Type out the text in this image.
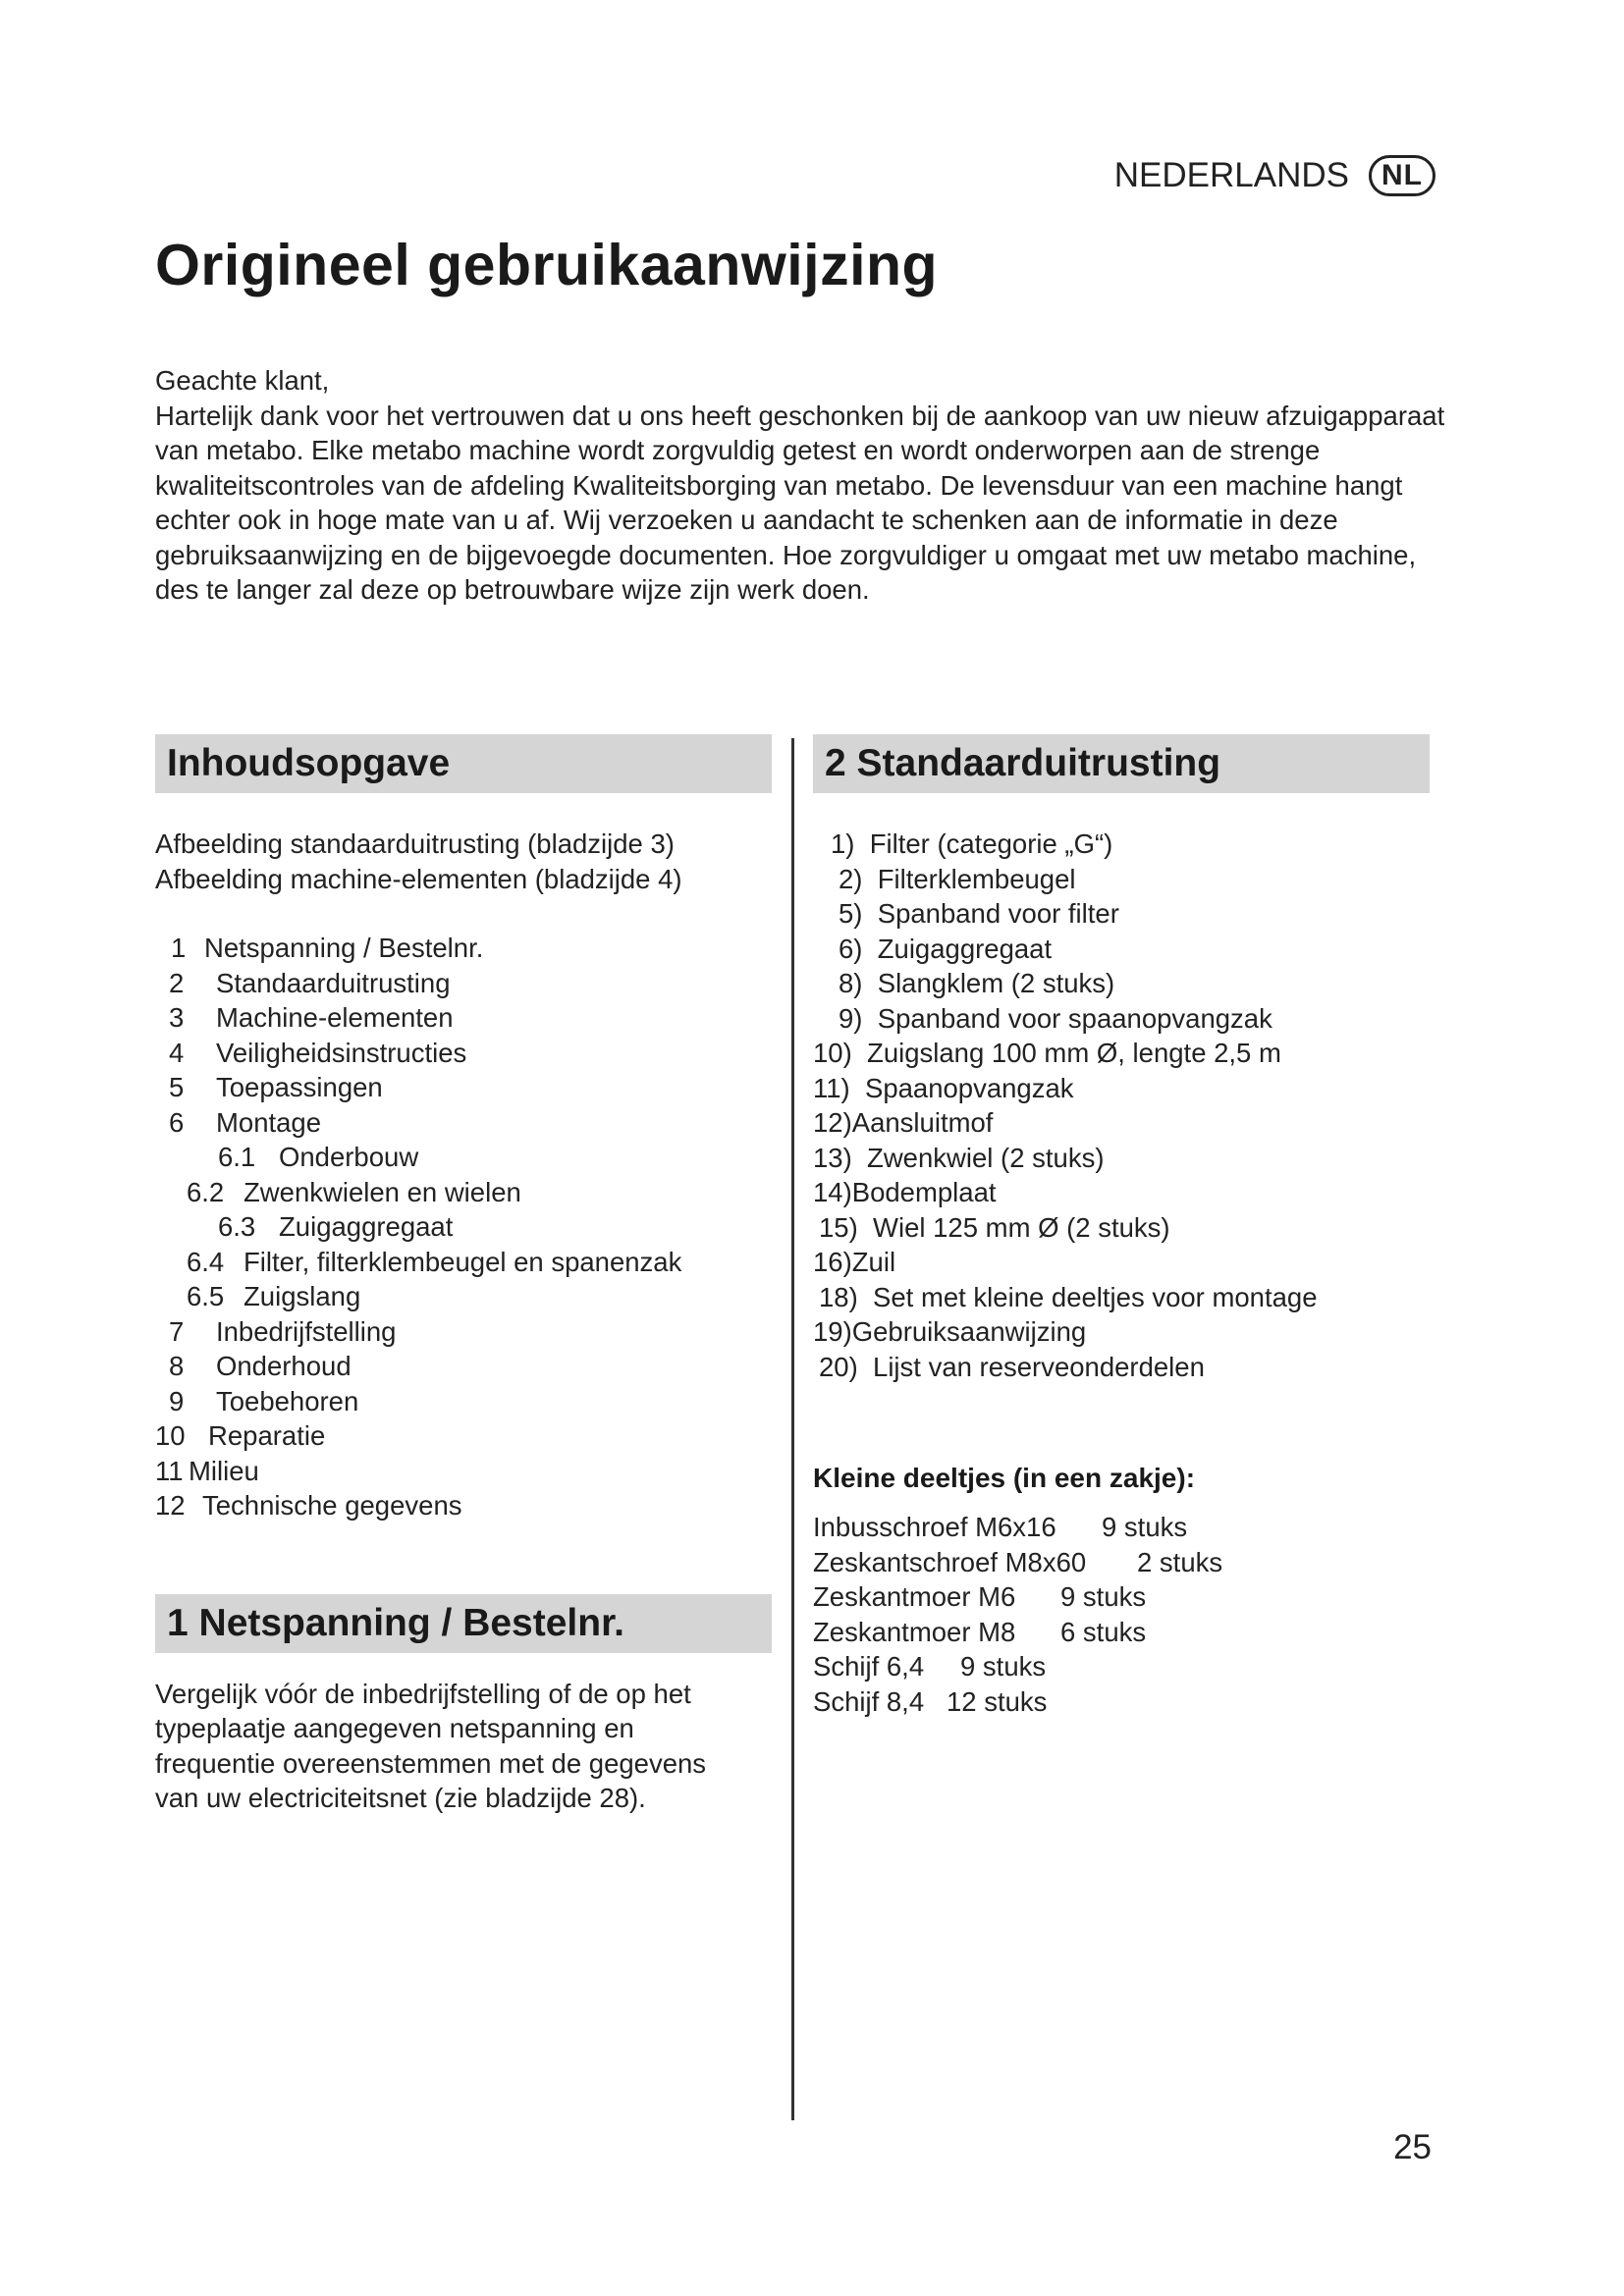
NEDERLANDS	NL
Origineel gebruikaanwijzing

Geachte klant,

Hartelijk dank voor het vertrouwen dat u ons heeft geschonken bij de aankoop van uw nieuw afzuigapparaat van metabo. Elke metabo machine wordt zorgvuldig getest en wordt onderworpen aan de strenge kwaliteitscontroles van de afdeling Kwaliteitsborging van metabo. De levensduur van een machine hangt echter ook in hoge mate van u af. Wij verzoeken u aandacht te schenken aan de informatie in deze gebruiksaanwijzing en de bijgevoegde documenten. Hoe zorgvuldiger u omgaat met uw metabo machine, des te langer zal deze op betrouwbare wijze zijn werk doen.

Inhoudsopgave
Afbeelding standaarduitrusting (bladzijde 3)
Afbeelding machine-elementen (bladzijde 4)
1 Netspanning / Bestelnr.
2	Standaarduitrusting
3	Machine-elementen
4	Veiligheidsinstructies
5	Toepassingen
6	Montage
6.1 Onderbouw
6.2 Zwenkwielen en wielen
6.3 Zuigaggregaat
6.4 Filter, filterklembeugel en spanenzak
6.5 Zuigslang
7	Inbedrijfstelling
8	Onderhoud
9	Toebehoren
10 Reparatie
11 Milieu
12 Technische gegevens
1 Netspanning / Bestelnr.
Vergelijk vóór de inbedrijfstelling of de op het typeplaatje aangegeven netspanning en frequentie overeenstemmen met de gegevens van uw electriciteitsnet (zie bladzijde 28).
2 Standaarduitrusting
1)  Filter (categorie „G“)
2)  Filterklembeugel
5)  Spanband voor filter
6)  Zuigaggregaat
8)  Slangklem (2 stuks)
9)  Spanband voor spaanopvangzak
10)  Zuigslang 100 mm Ø, lengte 2,5 m
11)  Spaanopvangzak
12)Aansluitmof
13)  Zwenkwiel (2 stuks)
14)Bodemplaat
15)  Wiel 125 mm Ø (2 stuks)
16)Zuil
18)  Set met kleine deeltjes voor montage
19)Gebruiksaanwijzing
20)  Lijst van reserveonderdelen
Kleine deeltjes (in een zakje):
Inbusschroef M6x16	9 stuks
Zeskantschroef M8x60	2 stuks
Zeskantmoer M6	9 stuks
Zeskantmoer M8	6 stuks
Schijf 6,4	9 stuks
Schijf 8,4 12 stuks
25
